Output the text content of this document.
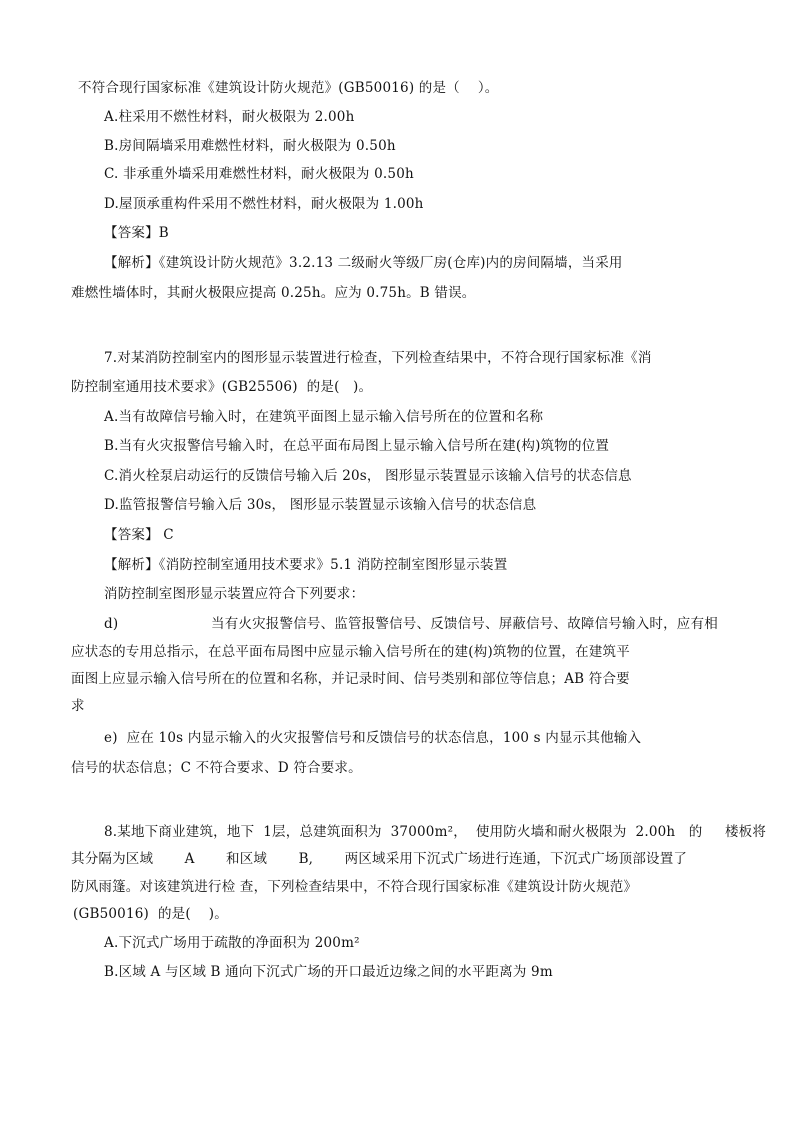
不符合现行国家标准《建筑设计防火规范》(GB50016) 的是（    ）。
A.柱采用不燃性材料，耐火极限为 2.00h
B.房间隔墙采用难燃性材料，耐火极限为 0.50h
C. 非承重外墙采用难燃性材料，耐火极限为 0.50h
D.屋顶承重构件采用不燃性材料，耐火极限为 1.00h
【答案】B
【解析】《建筑设计防火规范》3.2.13 二级耐火等级厂房(仓库)内的房间隔墙，当采用
难燃性墙体时，其耐火极限应提高 0.25h。应为 0.75h。B 错误。
7.对某消防控制室内的图形显示装置进行检查，下列检查结果中，不符合现行国家标准《消
防控制室通用技术要求》(GB25506)  的是(   )。
A.当有故障信号输入时，在建筑平面图上显示输入信号所在的位置和名称
B.当有火灾报警信号输入时，在总平面布局图上显示输入信号所在建(构)筑物的位置
C.消火栓泵启动运行的反馈信号输入后 20s， 图形显示装置显示该输入信号的状态信息
D.监管报警信号输入后 30s， 图形显示装置显示该输入信号的状态信息
【答案】 C
【解析】《消防控制室通用技术要求》5.1 消防控制室图形显示装置
消防控制室图形显示装置应符合下列要求：
d)	当有火灾报警信号、监管报警信号、反馈信号、屏蔽信号、故障信号输入时，应有相
应状态的专用总指示，在总平面布局图中应显示输入信号所在的建(构)筑物的位置，在建筑平
面图上应显示输入信号所在的位置和名称，并记录时间、信号类别和部位等信息；AB 符合要
求
e)  应在 10s 内显示输入的火灾报警信号和反馈信号的状态信息，100 s 内显示其他输入
信号的状态信息；C 不符合要求、D 符合要求。
8.某地下商业建筑，地下  1层，总建筑面积为  37000m²，  使用防火墙和耐火极限为  2.00h   的     楼板将
其分隔为区域       A       和区域       B,       两区域采用下沉式广场进行连通，下沉式广场顶部设置了
防风雨篷。对该建筑进行检 查，下列检查结果中，不符合现行国家标准《建筑设计防火规范》
(GB50016)  的是(    )。
A.下沉式广场用于疏散的净面积为 200m²
B.区域 A 与区域 B 通向下沉式广场的开口最近边缘之间的水平距离为 9m
